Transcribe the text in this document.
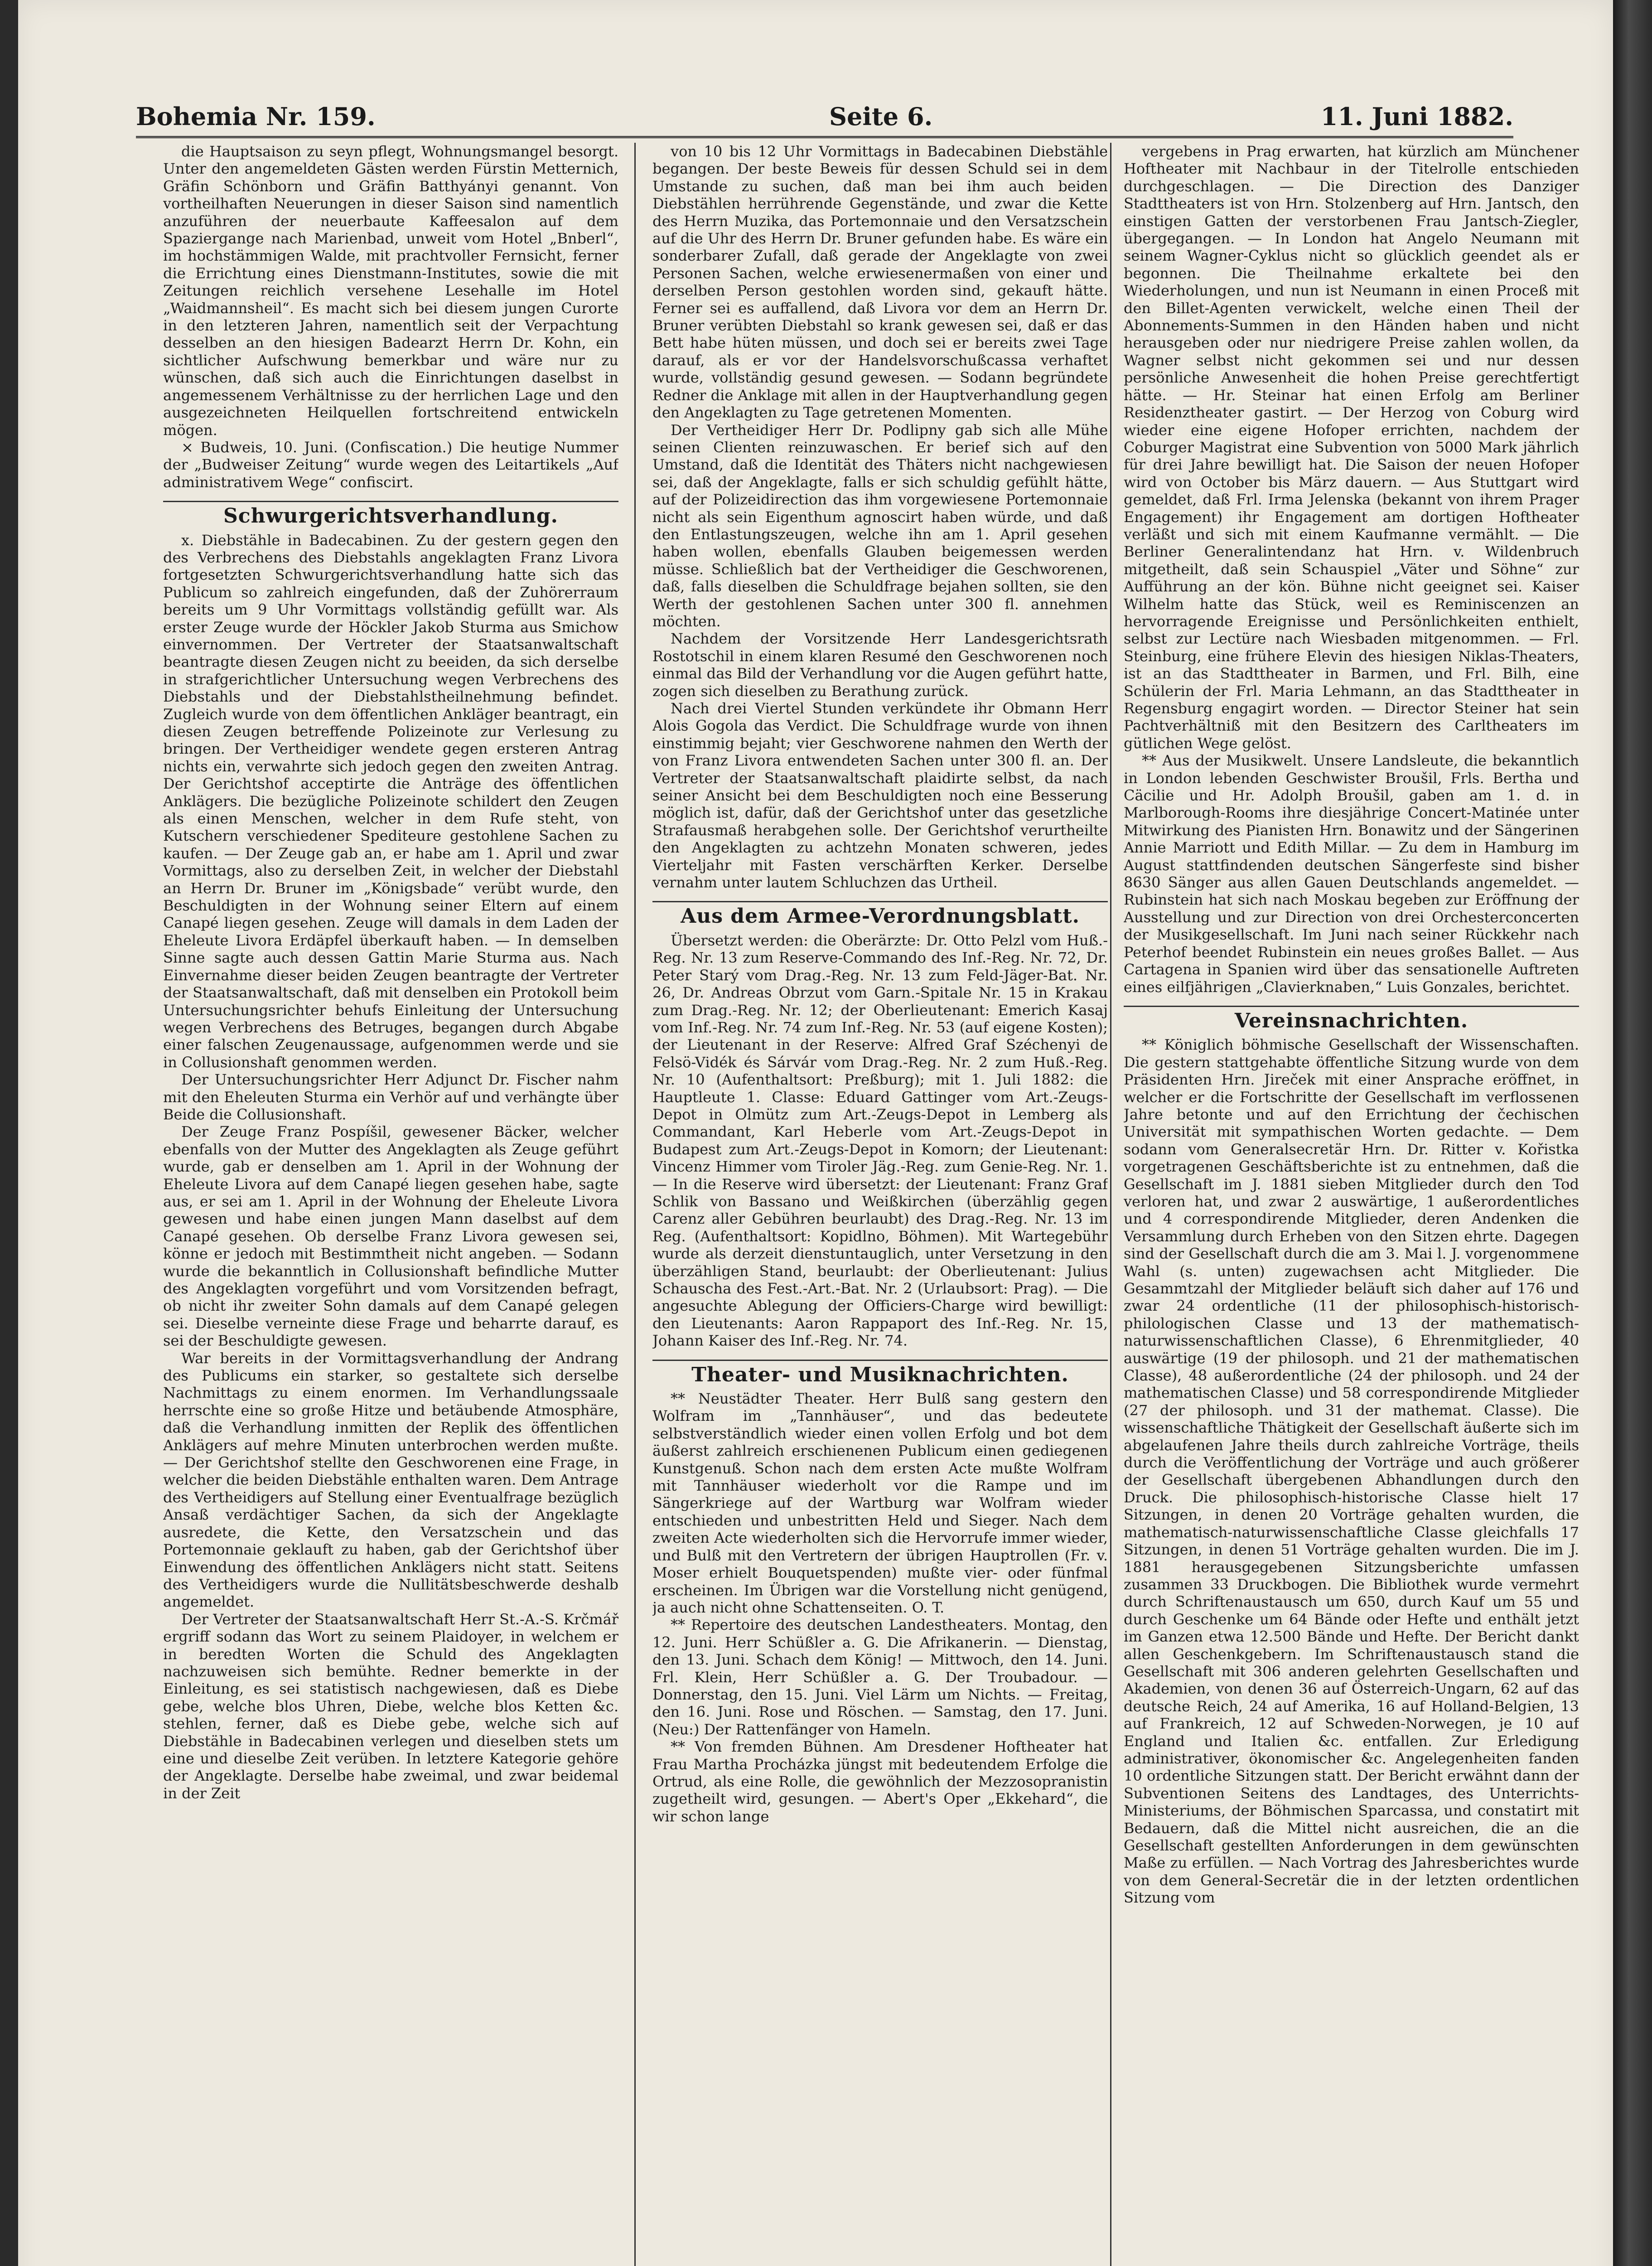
Bohemia Nr. 159.	Seite 6.	11. Juni 1882.

die Hauptsaison zu seyn pflegt, Wohnungsmangel besorgt. Unter den angemeldeten Gästen werden Fürstin Metternich, Gräfin Schönborn und Gräfin Batthyányi genannt. Von vortheilhaften Neuerungen in dieser Saison sind namentlich anzuführen der neuerbaute Kaffeesalon auf dem Spaziergange nach Marienbad, unweit vom Hotel „Bnberl“, im hochstämmigen Walde, mit prachtvoller Fernsicht, ferner die Errichtung eines Dienstmann-Institutes, sowie die mit Zeitungen reichlich versehene Lesehalle im Hotel „Waidmannsheil“. Es macht sich bei diesem jungen Curorte in den letzteren Jahren, namentlich seit der Verpachtung desselben an den hiesigen Badearzt Herrn Dr. Kohn, ein sichtlicher Aufschwung bemerkbar und wäre nur zu wünschen, daß sich auch die Einrichtungen daselbst in angemessenem Verhältnisse zu der herrlichen Lage und den ausgezeichneten Heilquellen fortschreitend entwickeln mögen.

× Budweis, 10. Juni. (Confiscation.) Die heutige Nummer der „Budweiser Zeitung“ wurde wegen des Leitartikels „Auf administrativem Wege“ confiscirt.

Schwurgerichtsverhandlung.

x. Diebstähle in Badecabinen. Zu der gestern gegen den des Verbrechens des Diebstahls angeklagten Franz Livora fortgesetzten Schwurgerichtsverhandlung hatte sich das Publicum so zahlreich eingefunden, daß der Zuhörerraum bereits um 9 Uhr Vormittags vollständig gefüllt war. Als erster Zeuge wurde der Höckler Jakob Sturma aus Smichow einvernommen. Der Vertreter der Staatsanwaltschaft beantragte diesen Zeugen nicht zu beeiden, da sich derselbe in strafgerichtlicher Untersuchung wegen Verbrechens des Diebstahls und der Diebstahlstheilnehmung befindet. Zugleich wurde von dem öffentlichen Ankläger beantragt, ein diesen Zeugen betreffende Polizeinote zur Verlesung zu bringen. Der Vertheidiger wendete gegen ersteren Antrag nichts ein, verwahrte sich jedoch gegen den zweiten Antrag. Der Gerichtshof acceptirte die Anträge des öffentlichen Anklägers. Die bezügliche Polizeinote schildert den Zeugen als einen Menschen, welcher in dem Rufe steht, von Kutschern verschiedener Spediteure gestohlene Sachen zu kaufen. — Der Zeuge gab an, er habe am 1. April und zwar Vormittags, also zu derselben Zeit, in welcher der Diebstahl an Herrn Dr. Bruner im „Königsbade“ verübt wurde, den Beschuldigten in der Wohnung seiner Eltern auf einem Canapé liegen gesehen. Zeuge will damals in dem Laden der Eheleute Livora Erdäpfel überkauft haben. — In demselben Sinne sagte auch dessen Gattin Marie Sturma aus. Nach Einvernahme dieser beiden Zeugen beantragte der Vertreter der Staatsanwaltschaft, daß mit denselben ein Protokoll beim Untersuchungsrichter behufs Einleitung der Untersuchung wegen Verbrechens des Betruges, begangen durch Abgabe einer falschen Zeugenaussage, aufgenommen werde und sie in Collusionshaft genommen werden.

Der Untersuchungsrichter Herr Adjunct Dr. Fischer nahm mit den Eheleuten Sturma ein Verhör auf und verhängte über Beide die Collusionshaft.

Der Zeuge Franz Pospíšil, gewesener Bäcker, welcher ebenfalls von der Mutter des Angeklagten als Zeuge geführt wurde, gab er denselben am 1. April in der Wohnung der Eheleute Livora auf dem Canapé liegen gesehen habe, sagte aus, er sei am 1. April in der Wohnung der Eheleute Livora gewesen und habe einen jungen Mann daselbst auf dem Canapé gesehen. Ob derselbe Franz Livora gewesen sei, könne er jedoch mit Bestimmtheit nicht angeben. — Sodann wurde die bekanntlich in Collusionshaft befindliche Mutter des Angeklagten vorgeführt und vom Vorsitzenden befragt, ob nicht ihr zweiter Sohn damals auf dem Canapé gelegen sei. Dieselbe verneinte diese Frage und beharrte darauf, es sei der Beschuldigte gewesen.

War bereits in der Vormittagsverhandlung der Andrang des Publicums ein starker, so gestaltete sich derselbe Nachmittags zu einem enormen. Im Verhandlungssaale herrschte eine so große Hitze und betäubende Atmosphäre, daß die Verhandlung inmitten der Replik des öffentlichen Anklägers auf mehre Minuten unterbrochen werden mußte. — Der Gerichtshof stellte den Geschworenen eine Frage, in welcher die beiden Diebstähle enthalten waren. Dem Antrage des Vertheidigers auf Stellung einer Eventualfrage bezüglich Ansaß verdächtiger Sachen, da sich der Angeklagte ausredete, die Kette, den Versatzschein und das Portemonnaie geklauft zu haben, gab der Gerichtshof über Einwendung des öffentlichen Anklägers nicht statt. Seitens des Vertheidigers wurde die Nullitätsbeschwerde deshalb angemeldet.

Der Vertreter der Staatsanwaltschaft Herr St.-A.-S. Krčmář ergriff sodann das Wort zu seinem Plaidoyer, in welchem er in beredten Worten die Schuld des Angeklagten nachzuweisen sich bemühte. Redner bemerkte in der Einleitung, es sei statistisch nachgewiesen, daß es Diebe gebe, welche blos Uhren, Diebe, welche blos Ketten &c. stehlen, ferner, daß es Diebe gebe, welche sich auf Diebstähle in Badecabinen verlegen und dieselben stets um eine und dieselbe Zeit verüben. In letztere Kategorie gehöre der Angeklagte. Derselbe habe zweimal, und zwar beidemal in der Zeit

von 10 bis 12 Uhr Vormittags in Badecabinen Diebstähle begangen. Der beste Beweis für dessen Schuld sei in dem Umstande zu suchen, daß man bei ihm auch beiden Diebstählen herrührende Gegenstände, und zwar die Kette des Herrn Muzika, das Portemonnaie und den Versatzschein auf die Uhr des Herrn Dr. Bruner gefunden habe. Es wäre ein sonderbarer Zufall, daß gerade der Angeklagte von zwei Personen Sachen, welche erwiesenermaßen von einer und derselben Person gestohlen worden sind, gekauft hätte. Ferner sei es auffallend, daß Livora vor dem an Herrn Dr. Bruner verübten Diebstahl so krank gewesen sei, daß er das Bett habe hüten müssen, und doch sei er bereits zwei Tage darauf, als er vor der Handelsvorschußcassa verhaftet wurde, vollständig gesund gewesen. — Sodann begründete Redner die Anklage mit allen in der Hauptverhandlung gegen den Angeklagten zu Tage getretenen Momenten.

Der Vertheidiger Herr Dr. Podlipny gab sich alle Mühe seinen Clienten reinzuwaschen. Er berief sich auf den Umstand, daß die Identität des Thäters nicht nachgewiesen sei, daß der Angeklagte, falls er sich schuldig gefühlt hätte, auf der Polizeidirection das ihm vorgewiesene Portemonnaie nicht als sein Eigenthum agnoscirt haben würde, und daß den Entlastungszeugen, welche ihn am 1. April gesehen haben wollen, ebenfalls Glauben beigemessen werden müsse. Schließlich bat der Vertheidiger die Geschworenen, daß, falls dieselben die Schuldfrage bejahen sollten, sie den Werth der gestohlenen Sachen unter 300 fl. annehmen möchten.

Nachdem der Vorsitzende Herr Landesgerichtsrath Rostotschil in einem klaren Resumé den Geschworenen noch einmal das Bild der Verhandlung vor die Augen geführt hatte, zogen sich dieselben zu Berathung zurück.

Nach drei Viertel Stunden verkündete ihr Obmann Herr Alois Gogola das Verdict. Die Schuldfrage wurde von ihnen einstimmig bejaht; vier Geschworene nahmen den Werth der von Franz Livora entwendeten Sachen unter 300 fl. an. Der Vertreter der Staatsanwaltschaft plaidirte selbst, da nach seiner Ansicht bei dem Beschuldigten noch eine Besserung möglich ist, dafür, daß der Gerichtshof unter das gesetzliche Strafausmaß herabgehen solle. Der Gerichtshof verurtheilte den Angeklagten zu achtzehn Monaten schweren, jedes Vierteljahr mit Fasten verschärften Kerker. Derselbe vernahm unter lautem Schluchzen das Urtheil.

Aus dem Armee-Verordnungsblatt.

Übersetzt werden: die Oberärzte: Dr. Otto Pelzl vom Huß.-Reg. Nr. 13 zum Reserve-Commando des Inf.-Reg. Nr. 72, Dr. Peter Starý vom Drag.-Reg. Nr. 13 zum Feld-Jäger-Bat. Nr. 26, Dr. Andreas Obrzut vom Garn.-Spitale Nr. 15 in Krakau zum Drag.-Reg. Nr. 12; der Oberlieutenant: Emerich Kasaj vom Inf.-Reg. Nr. 74 zum Inf.-Reg. Nr. 53 (auf eigene Kosten); der Lieutenant in der Reserve: Alfred Graf Széchenyi de Felsö-Vidék és Sárvár vom Drag.-Reg. Nr. 2 zum Huß.-Reg. Nr. 10 (Aufenthaltsort: Preßburg); mit 1. Juli 1882: die Hauptleute 1. Classe: Eduard Gattinger vom Art.-Zeugs-Depot in Olmütz zum Art.-Zeugs-Depot in Lemberg als Commandant, Karl Heberle vom Art.-Zeugs-Depot in Budapest zum Art.-Zeugs-Depot in Komorn; der Lieutenant: Vincenz Himmer vom Tiroler Jäg.-Reg. zum Genie-Reg. Nr. 1. — In die Reserve wird übersetzt: der Lieutenant: Franz Graf Schlik von Bassano und Weißkirchen (überzählig gegen Carenz aller Gebühren beurlaubt) des Drag.-Reg. Nr. 13 im Reg. (Aufenthaltsort: Kopidlno, Böhmen). Mit Wartegebühr wurde als derzeit dienstuntauglich, unter Versetzung in den überzähligen Stand, beurlaubt: der Oberlieutenant: Julius Schauscha des Fest.-Art.-Bat. Nr. 2 (Urlaubsort: Prag). — Die angesuchte Ablegung der Officiers-Charge wird bewilligt: den Lieutenants: Aaron Rappaport des Inf.-Reg. Nr. 15, Johann Kaiser des Inf.-Reg. Nr. 74.

Theater- und Musiknachrichten.

** Neustädter Theater. Herr Bulß sang gestern den Wolfram im „Tannhäuser“, und das bedeutete selbstverständlich wieder einen vollen Erfolg und bot dem äußerst zahlreich erschienenen Publicum einen gediegenen Kunstgenuß. Schon nach dem ersten Acte mußte Wolfram mit Tannhäuser wiederholt vor die Rampe und im Sängerkriege auf der Wartburg war Wolfram wieder entschieden und unbestritten Held und Sieger. Nach dem zweiten Acte wiederholten sich die Hervorrufe immer wieder, und Bulß mit den Vertretern der übrigen Hauptrollen (Fr. v. Moser erhielt Bouquetspenden) mußte vier- oder fünfmal erscheinen. Im Übrigen war die Vorstellung nicht genügend, ja auch nicht ohne Schattenseiten. O. T.

** Repertoire des deutschen Landestheaters. Montag, den 12. Juni. Herr Schüßler a. G. Die Afrikanerin. — Dienstag, den 13. Juni. Schach dem König! — Mittwoch, den 14. Juni. Frl. Klein, Herr Schüßler a. G. Der Troubadour. — Donnerstag, den 15. Juni. Viel Lärm um Nichts. — Freitag, den 16. Juni. Rose und Röschen. — Samstag, den 17. Juni. (Neu:) Der Rattenfänger von Hameln.

** Von fremden Bühnen. Am Dresdener Hoftheater hat Frau Martha Procházka jüngst mit bedeutendem Erfolge die Ortrud, als eine Rolle, die gewöhnlich der Mezzosopranistin zugetheilt wird, gesungen. — Abert's Oper „Ekkehard“, die wir schon lange

vergebens in Prag erwarten, hat kürzlich am Münchener Hoftheater mit Nachbaur in der Titelrolle entschieden durchgeschlagen. — Die Direction des Danziger Stadttheaters ist von Hrn. Stolzenberg auf Hrn. Jantsch, den einstigen Gatten der verstorbenen Frau Jantsch-Ziegler, übergegangen. — In London hat Angelo Neumann mit seinem Wagner-Cyklus nicht so glücklich geendet als er begonnen. Die Theilnahme erkaltete bei den Wiederholungen, und nun ist Neumann in einen Proceß mit den Billet-Agenten verwickelt, welche einen Theil der Abonnements-Summen in den Händen haben und nicht herausgeben oder nur niedrigere Preise zahlen wollen, da Wagner selbst nicht gekommen sei und nur dessen persönliche Anwesenheit die hohen Preise gerechtfertigt hätte. — Hr. Steinar hat einen Erfolg am Berliner Residenztheater gastirt. — Der Herzog von Coburg wird wieder eine eigene Hofoper errichten, nachdem der Coburger Magistrat eine Subvention von 5000 Mark jährlich für drei Jahre bewilligt hat. Die Saison der neuen Hofoper wird von October bis März dauern. — Aus Stuttgart wird gemeldet, daß Frl. Irma Jelenska (bekannt von ihrem Prager Engagement) ihr Engagement am dortigen Hoftheater verläßt und sich mit einem Kaufmanne vermählt. — Die Berliner Generalintendanz hat Hrn. v. Wildenbruch mitgetheilt, daß sein Schauspiel „Väter und Söhne“ zur Aufführung an der kön. Bühne nicht geeignet sei. Kaiser Wilhelm hatte das Stück, weil es Reminiscenzen an hervorragende Ereignisse und Persönlichkeiten enthielt, selbst zur Lectüre nach Wiesbaden mitgenommen. — Frl. Steinburg, eine frühere Elevin des hiesigen Niklas-Theaters, ist an das Stadttheater in Barmen, und Frl. Bilh, eine Schülerin der Frl. Maria Lehmann, an das Stadttheater in Regensburg engagirt worden. — Director Steiner hat sein Pachtverhältniß mit den Besitzern des Carltheaters im gütlichen Wege gelöst.

** Aus der Musikwelt. Unsere Landsleute, die bekanntlich in London lebenden Geschwister Broušil, Frls. Bertha und Cäcilie und Hr. Adolph Broušil, gaben am 1. d. in Marlborough-Rooms ihre diesjährige Concert-Matinée unter Mitwirkung des Pianisten Hrn. Bonawitz und der Sängerinen Annie Marriott und Edith Millar. — Zu dem in Hamburg im August stattfindenden deutschen Sängerfeste sind bisher 8630 Sänger aus allen Gauen Deutschlands angemeldet. — Rubinstein hat sich nach Moskau begeben zur Eröffnung der Ausstellung und zur Direction von drei Orchesterconcerten der Musikgesellschaft. Im Juni nach seiner Rückkehr nach Peterhof beendet Rubinstein ein neues großes Ballet. — Aus Cartagena in Spanien wird über das sensationelle Auftreten eines eilfjährigen „Clavierknaben,“ Luis Gonzales, berichtet.

Vereinsnachrichten.

** Königlich böhmische Gesellschaft der Wissenschaften. Die gestern stattgehabte öffentliche Sitzung wurde von dem Präsidenten Hrn. Jireček mit einer Ansprache eröffnet, in welcher er die Fortschritte der Gesellschaft im verflossenen Jahre betonte und auf den Errichtung der čechischen Universität mit sympathischen Worten gedachte. — Dem sodann vom Generalsecretär Hrn. Dr. Ritter v. Kořistka vorgetragenen Geschäftsberichte ist zu entnehmen, daß die Gesellschaft im J. 1881 sieben Mitglieder durch den Tod verloren hat, und zwar 2 auswärtige, 1 außerordentliches und 4 correspondirende Mitglieder, deren Andenken die Versammlung durch Erheben von den Sitzen ehrte. Dagegen sind der Gesellschaft durch die am 3. Mai l. J. vorgenommene Wahl (s. unten) zugewachsen acht Mitglieder. Die Gesammtzahl der Mitglieder beläuft sich daher auf 176 und zwar 24 ordentliche (11 der philosophisch-historisch-philologischen Classe und 13 der mathematisch-naturwissenschaftlichen Classe), 6 Ehrenmitglieder, 40 auswärtige (19 der philosoph. und 21 der mathematischen Classe), 48 außerordentliche (24 der philosoph. und 24 der mathematischen Classe) und 58 correspondirende Mitglieder (27 der philosoph. und 31 der mathemat. Classe). Die wissenschaftliche Thätigkeit der Gesellschaft äußerte sich im abgelaufenen Jahre theils durch zahlreiche Vorträge, theils durch die Veröffentlichung der Vorträge und auch größerer der Gesellschaft übergebenen Abhandlungen durch den Druck. Die philosophisch-historische Classe hielt 17 Sitzungen, in denen 20 Vorträge gehalten wurden, die mathematisch-naturwissenschaftliche Classe gleichfalls 17 Sitzungen, in denen 51 Vorträge gehalten wurden. Die im J. 1881 herausgegebenen Sitzungsberichte umfassen zusammen 33 Druckbogen. Die Bibliothek wurde vermehrt durch Schriftenaustausch um 650, durch Kauf um 55 und durch Geschenke um 64 Bände oder Hefte und enthält jetzt im Ganzen etwa 12.500 Bände und Hefte. Der Bericht dankt allen Geschenkgebern. Im Schriftenaustausch stand die Gesellschaft mit 306 anderen gelehrten Gesellschaften und Akademien, von denen 36 auf Österreich-Ungarn, 62 auf das deutsche Reich, 24 auf Amerika, 16 auf Holland-Belgien, 13 auf Frankreich, 12 auf Schweden-Norwegen, je 10 auf England und Italien &c. entfallen. Zur Erledigung administrativer, ökonomischer &c. Angelegenheiten fanden 10 ordentliche Sitzungen statt. Der Bericht erwähnt dann der Subventionen Seitens des Landtages, des Unterrichts-Ministeriums, der Böhmischen Sparcassa, und constatirt mit Bedauern, daß die Mittel nicht ausreichen, die an die Gesellschaft gestellten Anforderungen in dem gewünschten Maße zu erfüllen. — Nach Vortrag des Jahresberichtes wurde von dem General-Secretär die in der letzten ordentlichen Sitzung vom
